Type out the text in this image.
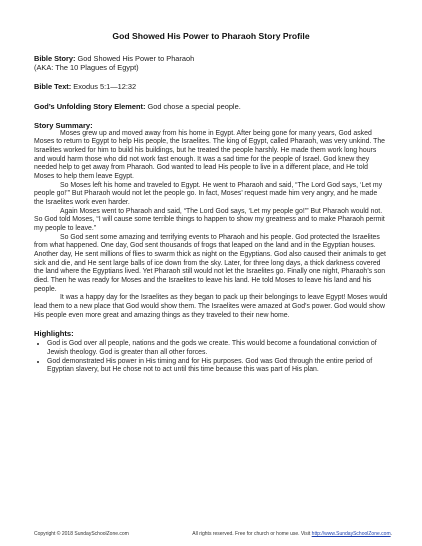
God Showed His Power to Pharaoh Story Profile

Bible Story: God Showed His Power to Pharaoh

(AKA: The 10 Plagues of Egypt)

Bible Text: Exodus 5:1—12:32

God’s Unfolding Story Element: God chose a special people.

Story Summary:

Moses grew up and moved away from his home in Egypt. After being gone for many years, God asked Moses to return to Egypt to help His people, the Israelites. The king of Egypt, called Pharaoh, was very unkind. The Israelites worked for him to build his buildings, but he treated the people harshly. He made them work long hours and would harm those who did not work fast enough. It was a sad time for the people of Israel. God knew they needed help to get away from Pharaoh. God wanted to lead His people to live in a different place, and He told Moses to help them leave Egypt.

So Moses left his home and traveled to Egypt. He went to Pharaoh and said, “The Lord God says, ‘Let my people go!’” But Pharaoh would not let the people go. In fact, Moses’ request made him very angry, and he made the Israelites work even harder.

Again Moses went to Pharaoh and said, “The Lord God says, ‘Let my people go!’” But Pharaoh would not. So God told Moses, “I will cause some terrible things to happen to show my greatness and to make Pharaoh permit my people to leave.”

So God sent some amazing and terrifying events to Pharaoh and his people. God protected the Israelites from what happened. One day, God sent thousands of frogs that leaped on the land and in the Egyptian houses. Another day, He sent millions of flies to swarm thick as night on the Egyptians. God also caused their animals to get sick and die, and He sent large balls of ice down from the sky. Later, for three long days, a thick darkness covered the land where the Egyptians lived. Yet Pharaoh still would not let the Israelites go. Finally one night, Pharaoh’s son died. Then he was ready for Moses and the Israelites to leave his land. He told Moses to leave his land and his people.

It was a happy day for the Israelites as they began to pack up their belongings to leave Egypt! Moses would lead them to a new place that God would show them. The Israelites were amazed at God’s power. God would show His people even more great and amazing things as they traveled to their new home.

Highlights:
• God is God over all people, nations and the gods we create. This would become a foundational conviction of Jewish theology. God is greater than all other forces.
• God demonstrated His power in His timing and for His purposes. God was God through the entire period of Egyptian slavery, but He chose not to act until this time because this was part of His plan.
Copyright © 2018 SundaySchoolZone.com	All rights reserved. Free for church or home use. Visit http://www.SundaySchoolZone.com.
